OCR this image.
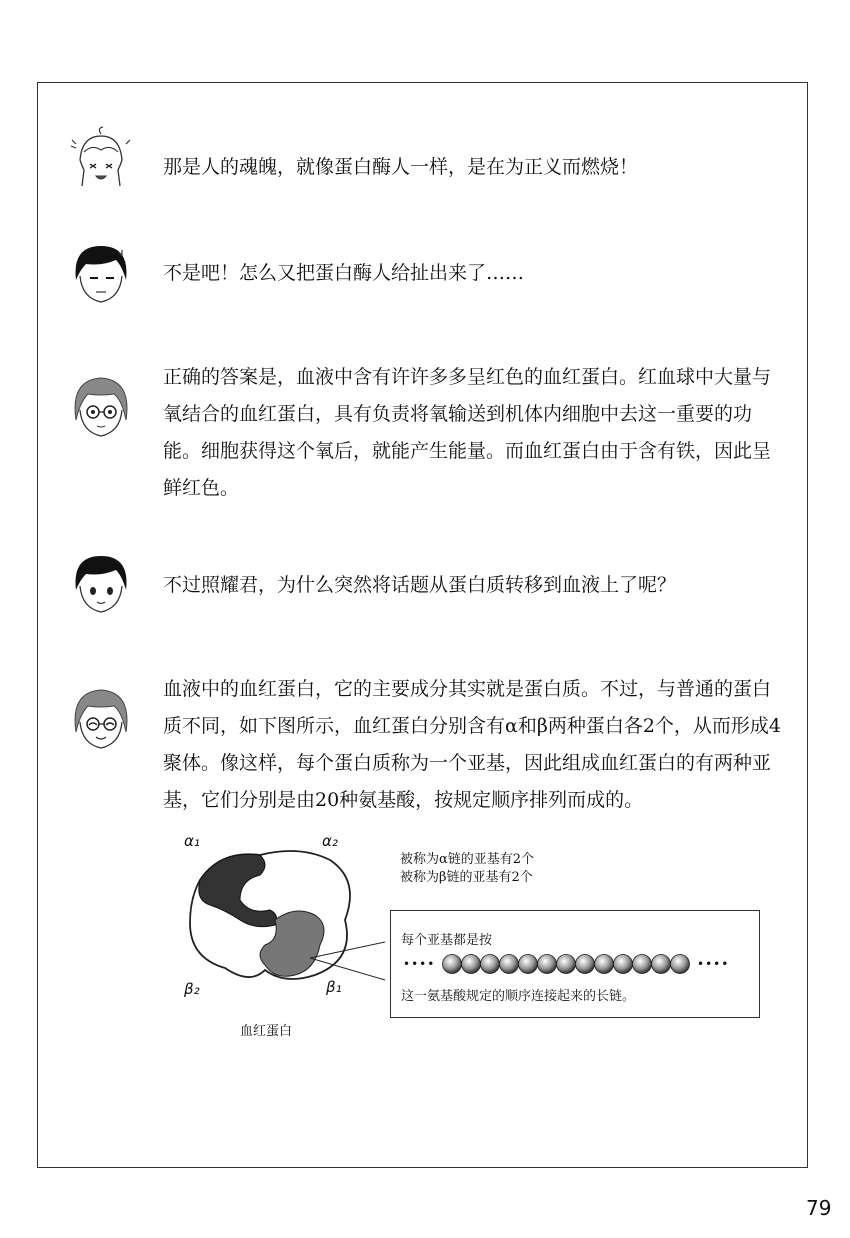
那是人的魂魄，就像蛋白酶人一样，是在为正义而燃烧！
不是吧！怎么又把蛋白酶人给扯出来了……
正确的答案是，血液中含有许许多多呈红色的血红蛋白。红血球中大量与
氧结合的血红蛋白，具有负责将氧输送到机体内细胞中去这一重要的功
能。细胞获得这个氧后，就能产生能量。而血红蛋白由于含有铁，因此呈
鲜红色。
不过照耀君，为什么突然将话题从蛋白质转移到血液上了呢？
血液中的血红蛋白，它的主要成分其实就是蛋白质。不过，与普通的蛋白
质不同，如下图所示，血红蛋白分别含有α和β两种蛋白各2个，从而形成4
聚体。像这样，每个蛋白质称为一个亚基，因此组成血红蛋白的有两种亚
基，它们分别是由20种氨基酸，按规定顺序排列而成的。
α₁	α₂
β₂	β₁
被称为α链的亚基有2个
被称为β链的亚基有2个
每个亚基都是按
••••	••••
这一氨基酸规定的顺序连接起来的长链。
血红蛋白
79
